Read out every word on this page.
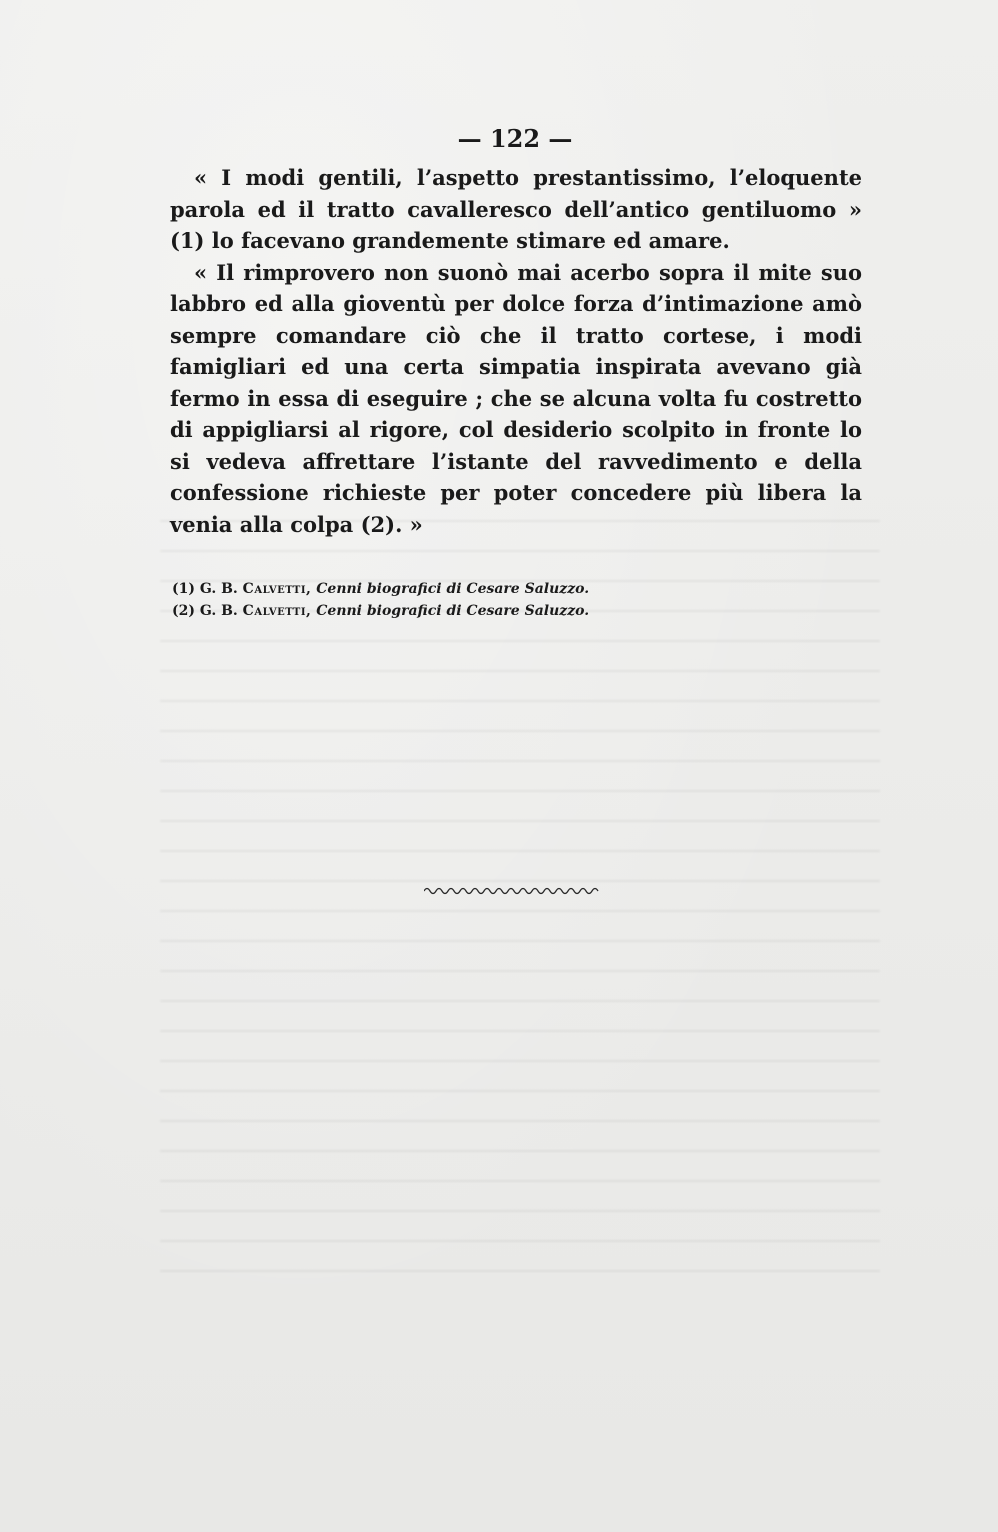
— 122 —

« I modi gentili, l’aspetto prestantissimo, l’eloquente parola ed il tratto cavalleresco dell’antico gentiluomo » (1) lo facevano grandemente stimare ed amare.

« Il rimprovero non suonò mai acerbo sopra il mite suo labbro ed alla gioventù per dolce forza d’intimazione amò sempre comandare ciò che il tratto cortese, i modi famigliari ed una certa simpatia inspirata avevano già fermo in essa di eseguire ; che se alcuna volta fu costretto di appigliarsi al rigore, col desiderio scolpito in fronte lo si vedeva affrettare l’istante del ravvedimento e della confessione richieste per poter concedere più libera la venia alla colpa (2). »

(1) G. B. Calvetti, Cenni biografici di Cesare Saluzzo.
(2) G. B. Calvetti, Cenni biografici di Cesare Saluzzo.
